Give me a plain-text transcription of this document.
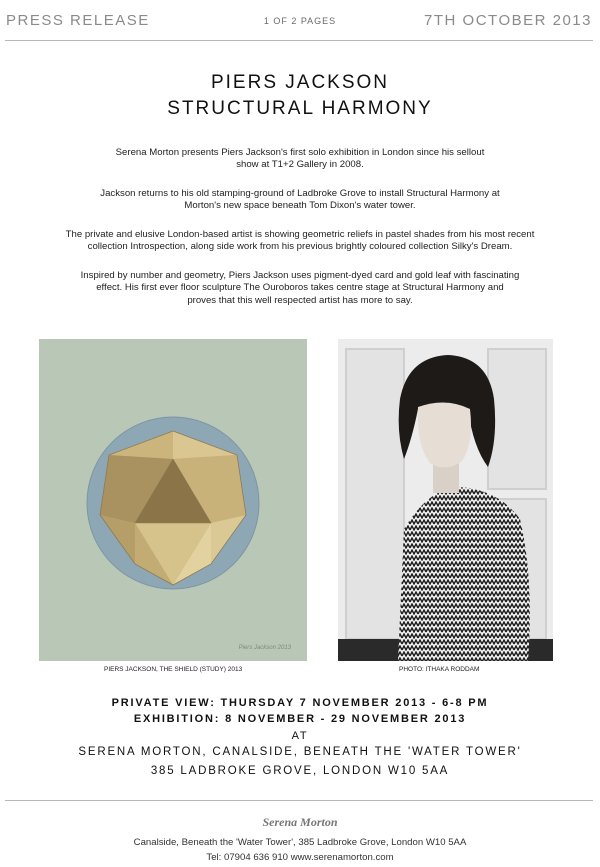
PRESS RELEASE	1 OF 2 PAGES	7TH OCTOBER 2013
PIERS JACKSON
STRUCTURAL HARMONY
Serena Morton presents Piers Jackson's first solo exhibition in London since his sellout
show at T1+2 Gallery in 2008.
Jackson returns to his old stamping-ground of Ladbroke Grove to install Structural Harmony at
Morton's new space beneath Tom Dixon's water tower.
The private and elusive London-based artist is showing geometric reliefs in pastel shades from his most recent
collection Introspection, along side work from his previous brightly coloured collection Silky's Dream.
Inspired by number and geometry, Piers Jackson uses pigment-dyed card and gold leaf with fascinating
effect. His first ever floor sculpture The Ouroboros takes centre stage at Structural Harmony and
proves that this well respected artist has more to say.
Piers Jackson 2013
PIERS JACKSON, THE SHIELD (STUDY) 2013	PHOTO: ITHAKA RODDAM
PRIVATE VIEW: THURSDAY 7 NOVEMBER 2013 - 6-8 PM
EXHIBITION: 8 NOVEMBER - 29 NOVEMBER 2013
AT
SERENA MORTON, CANALSIDE, BENEATH THE 'WATER TOWER'
385 LADBROKE GROVE, LONDON W10 5AA
Serena Morton
Canalside, Beneath the 'Water Tower', 385 Ladbroke Grove, London W10 5AA
Tel: 07904 636 910 www.serenamorton.com
